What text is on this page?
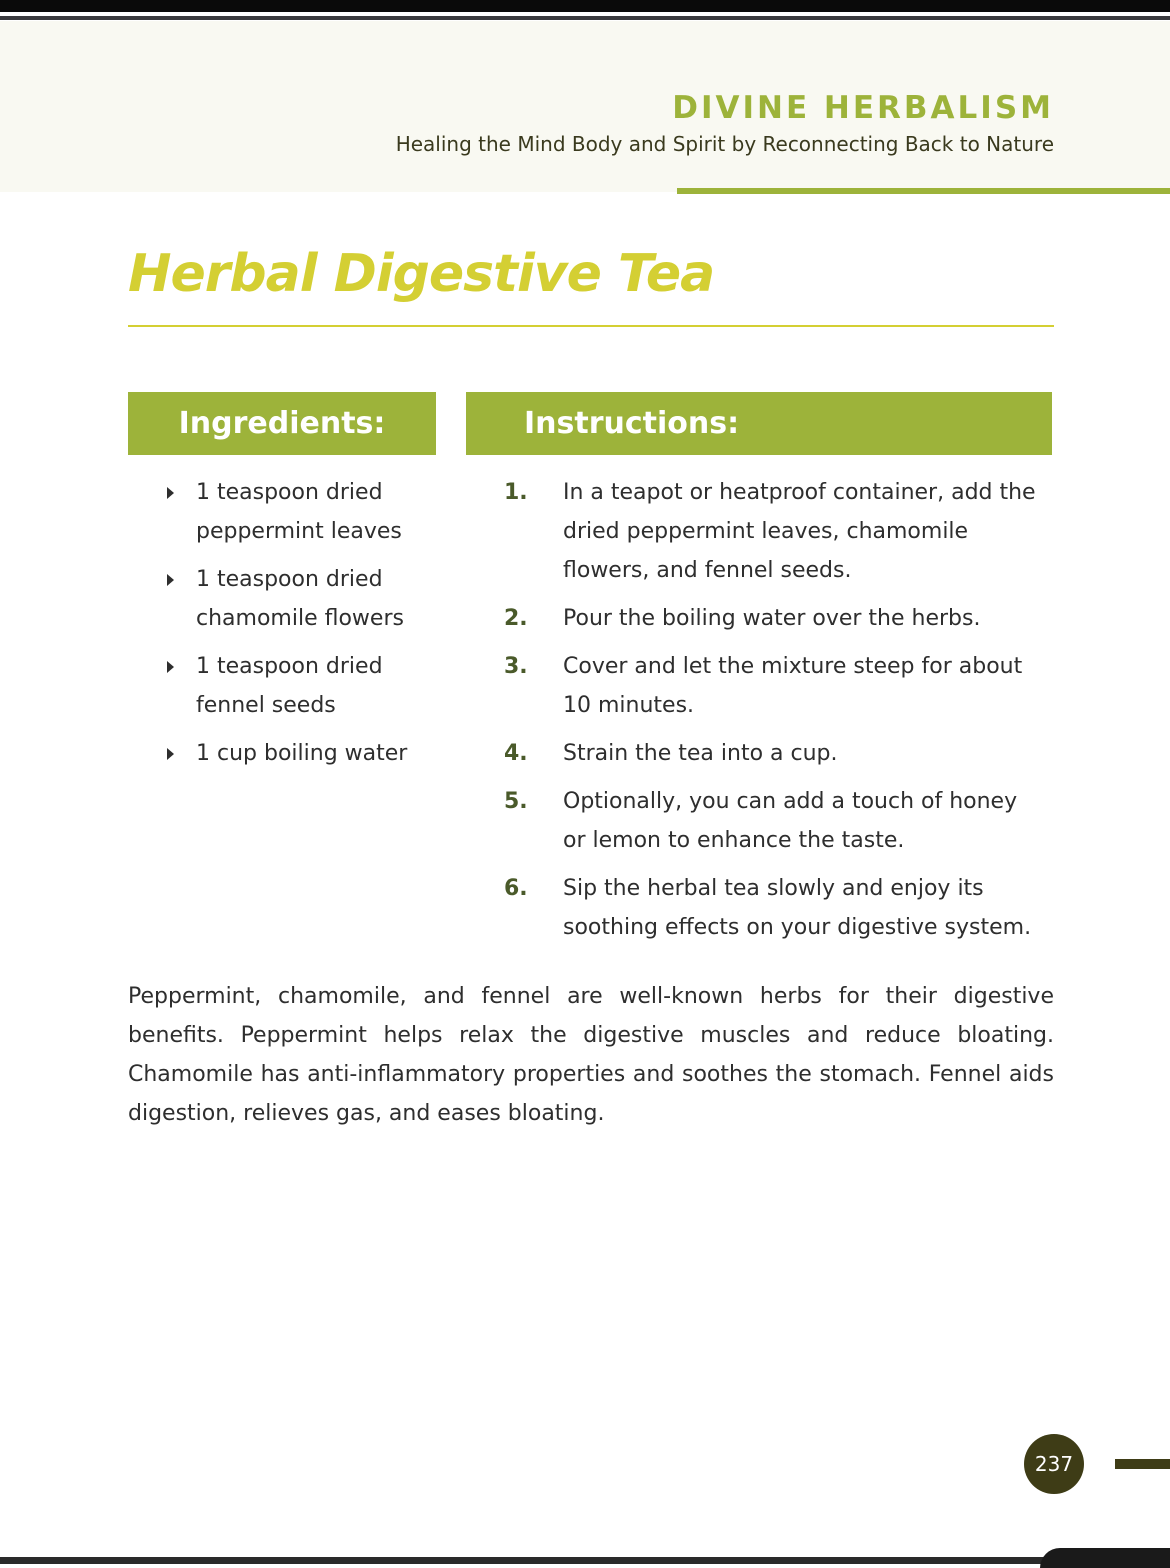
DIVINE HERBALISM
Healing the Mind Body and Spirit by Reconnecting Back to Nature
Herbal Digestive Tea
Ingredients:	Instructions:
1 teaspoon dried peppermint leaves
1 teaspoon dried chamomile flowers
1 teaspoon dried fennel seeds
1 cup boiling water
1. In a teapot or heatproof container, add the dried peppermint leaves, chamomile flowers, and fennel seeds.
2. Pour the boiling water over the herbs.
3. Cover and let the mixture steep for about 10 minutes.
4. Strain the tea into a cup.
5. Optionally, you can add a touch of honey or lemon to enhance the taste.
6. Sip the herbal tea slowly and enjoy its soothing effects on your digestive system.
Peppermint, chamomile, and fennel are well-known herbs for their digestive benefits. Peppermint helps relax the digestive muscles and reduce bloating. Chamomile has anti-inflammatory properties and soothes the stomach. Fennel aids digestion, relieves gas, and eases bloating.
237
